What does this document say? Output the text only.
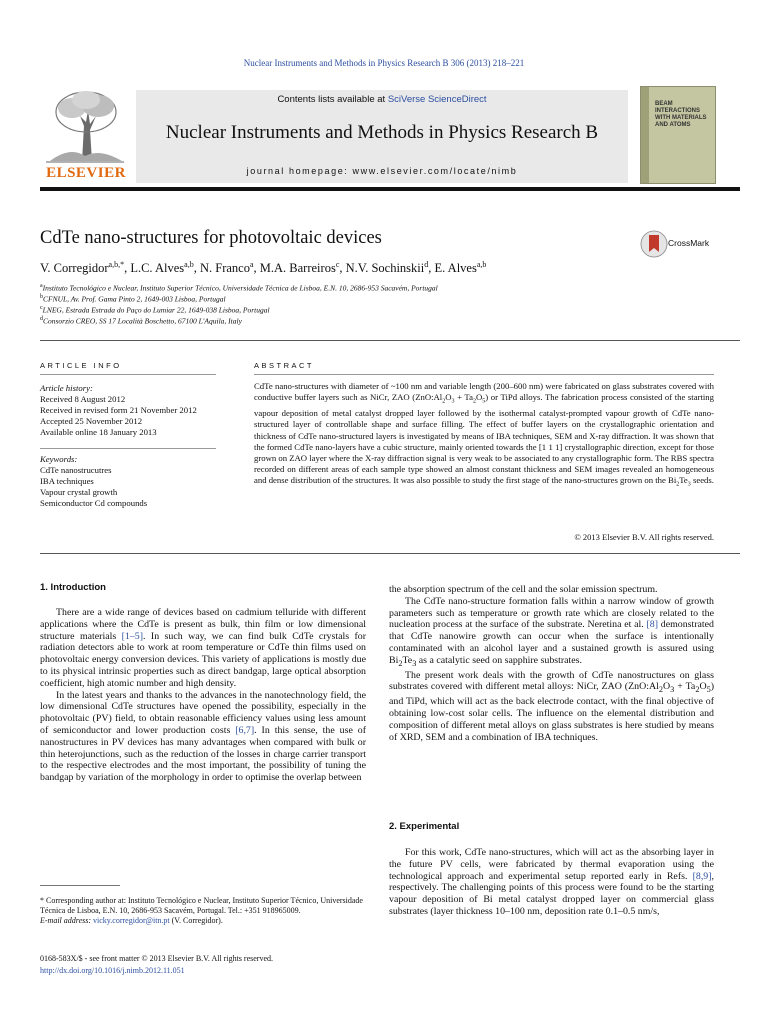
Nuclear Instruments and Methods in Physics Research B 306 (2013) 218–221
ELSEVIER
Contents lists available at SciVerse ScienceDirect
Nuclear Instruments and Methods in Physics Research B
journal homepage: www.elsevier.com/locate/nimb
BEAM INTERACTIONS WITH MATERIALS AND ATOMS
CdTe nano-structures for photovoltaic devices	CrossMark
V. Corregidor$^{a,b,*}$, L.C. Alves$^{a,b}$, N. Franco$^a$, M.A. Barreiros$^c$, N.V. Sochinskii$^d$, E. Alves$^{a,b}$
$^a$Instituto Tecnológico e Nuclear, Instituto Superior Técnico, Universidade Técnica de Lisboa, E.N. 10, 2686-953 Sacavém, Portugal
$^b$CFNUL, Av. Prof. Gama Pinto 2, 1649-003 Lisboa, Portugal
$^c$LNEG, Estrada Estrada do Paço do Lumiar 22, 1649-038 Lisboa, Portugal
$^d$Consorzio CREO, SS 17 Località Boschetto, 67100 L'Aquila, Italy
ARTICLE INFO
Article history:
Received 8 August 2012
Received in revised form 21 November 2012
Accepted 25 November 2012
Available online 18 January 2013
Keywords:
CdTe nanostrucutres
IBA techniques
Vapour crystal growth
Semiconductor Cd compounds
ABSTRACT
CdTe nano-structures with diameter of ~100 nm and variable length (200–600 nm) were fabricated on glass substrates covered with conductive buffer layers such as NiCr, ZAO $(ZnO:Al_2O_3 + Ta_2O_5)$ or TiPd alloys. The fabrication process consisted of the starting vapour deposition of metal catalyst dropped layer followed by the isothermal catalyst-prompted vapour growth of CdTe nano-structured layer of controllable shape and surface filling. The effect of buffer layers on the crystallographic orientation and thickness of CdTe nano-structured layers is investigated by means of IBA techniques, SEM and X-ray diffraction. It was shown that the formed CdTe nano-layers have a cubic structure, mainly oriented towards the [1 1 1] crystallographic direction, except for those grown on ZAO layer where the X-ray diffraction signal is very weak to be associated to any crystallographic form. The RBS spectra recorded on different areas of each sample type showed an almost constant thickness and SEM images revealed an homogeneous and dense distribution of the structures. It was also possible to study the first stage of the nano-structures grown on the $Bi_2Te_3$ seeds.
© 2013 Elsevier B.V. All rights reserved.
1. Introduction

There are a wide range of devices based on cadmium telluride with different applications where the CdTe is present as bulk, thin film or low dimensional structure materials [1–5]. In such way, we can find bulk CdTe crystals for radiation detectors able to work at room temperature or CdTe thin films used on photovoltaic energy conversion devices. This variety of applications is mostly due to its physical intrinsic properties such as direct bandgap, large optical absorption coefficient, high atomic number and high density.

In the latest years and thanks to the advances in the nanotechnology field, the low dimensional CdTe structures have opened the possibility, especially in the photovoltaic (PV) field, to obtain reasonable efficiency values using less amount of semiconductor and lower production costs [6,7]. In this sense, the use of nanostructures in PV devices has many advantages when compared with bulk or thin heterojunctions, such as the reduction of the losses in charge carrier transport to the respective electrodes and the most important, the possibility of tuning the bandgap by variation of the morphology in order to optimise the overlap between

* Corresponding author at: Instituto Tecnológico e Nuclear, Instituto Superior Técnico, Universidade Técnica de Lisboa, E.N. 10, 2686-953 Sacavém, Portugal. Tel.: +351 918965009.
E-mail address: vicky.corregidor@itn.pt (V. Corregidor).
0168-583X/$ - see front matter © 2013 Elsevier B.V. All rights reserved.
http://dx.doi.org/10.1016/j.nimb.2012.11.051

the absorption spectrum of the cell and the solar emission spectrum.

The CdTe nano-structure formation falls within a narrow window of growth parameters such as temperature or growth rate which are closely related to the nucleation process at the surface of the substrate. Neretina et al. [8] demonstrated that CdTe nanowire growth can occur when the surface is intentionally contaminated with an alcohol layer and a sustained growth is assured using $Bi_2Te_3$ as a catalytic seed on sapphire substrates.

The present work deals with the growth of CdTe nanostructures on glass substrates covered with different metal alloys: NiCr, ZAO $(ZnO:Al_2O_3 + Ta_2O_5)$ and TiPd, which will act as the back electrode contact, with the final objective of obtaining low-cost solar cells. The influence on the elemental distribution and composition of different metal alloys on glass substrates is here studied by means of XRD, SEM and a combination of IBA techniques.

2. Experimental

For this work, CdTe nano-structures, which will act as the absorbing layer in the future PV cells, were fabricated by thermal evaporation using the technological approach and experimental setup reported early in Refs. [8,9], respectively. The challenging points of this process were found to be the starting vapour deposition of Bi metal catalyst dropped layer on commercial glass substrates (layer thickness 10–100 nm, deposition rate 0.1–0.5 nm/s,
